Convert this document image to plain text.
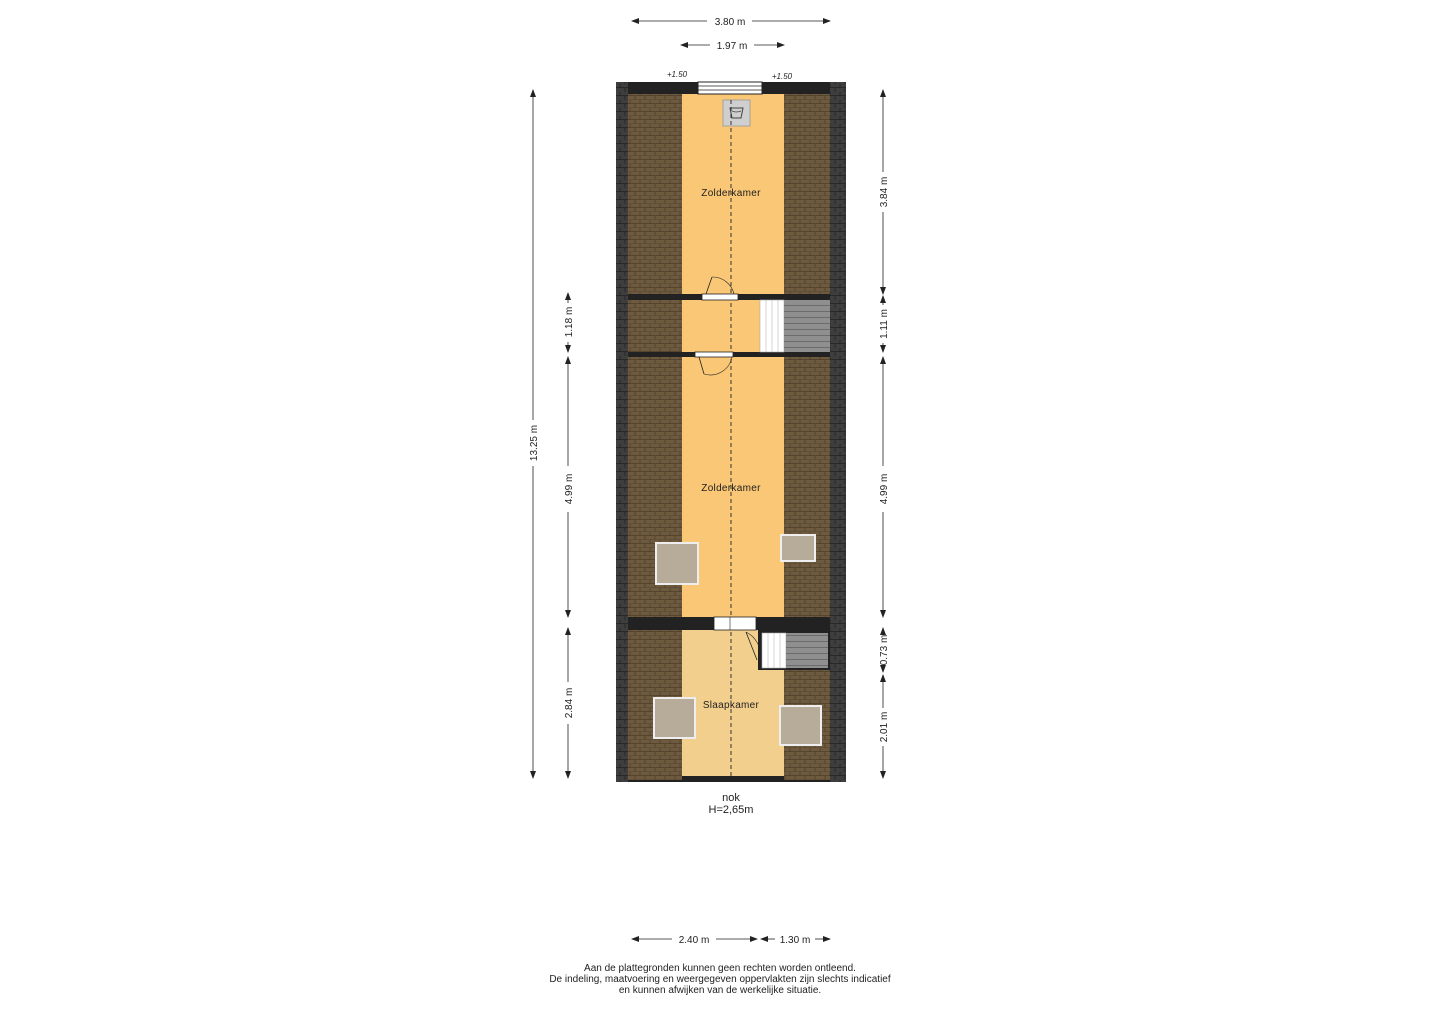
Zolderkamer
Zolderkamer
Slaapkamer
+1.50	+1.50
3.80 m
1.97 m
13.25 m
1.18 m
4.99 m
2.84 m
3.84 m
1.11 m
4.99 m
0.73 m
2.01 m
nok
H=2,65m
2.40 m	1.30 m
Aan de plattegronden kunnen geen rechten worden ontleend.
De indeling, maatvoering en weergegeven oppervlakten zijn slechts indicatief
en kunnen afwijken van de werkelijke situatie.
